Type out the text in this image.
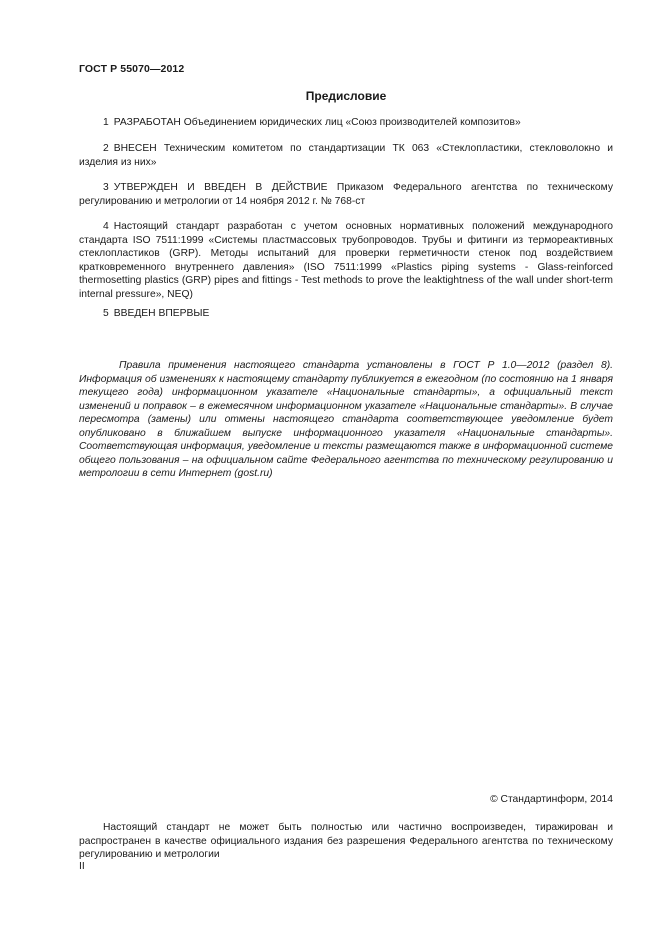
ГОСТ Р 55070—2012
Предисловие

1 РАЗРАБОТАН Объединением юридических лиц «Союз производителей композитов»

2 ВНЕСЕН Техническим комитетом по стандартизации ТК 063 «Стеклопластики, стекловолокно и изделия из них»

3 УТВЕРЖДЕН И ВВЕДЕН В ДЕЙСТВИЕ Приказом Федерального агентства по техническому регулированию и метрологии от 14 ноября 2012 г. № 768-ст

4 Настоящий стандарт разработан с учетом основных нормативных положений международного стандарта ISO 7511:1999 «Системы пластмассовых трубопроводов. Трубы и фитинги из термореактивных стеклопластиков (GRP). Методы испытаний для проверки герметичности стенок под воздействием кратковременного внутреннего давления» (ISO 7511:1999 «Plastics piping systems - Glass-reinforced thermosetting plastics (GRP) pipes and fittings - Test methods to prove the leaktightness of the wall under short-term internal pressure», NEQ)

5 ВВЕДЕН ВПЕРВЫЕ

Правила применения настоящего стандарта установлены в ГОСТ Р 1.0—2012 (раздел 8). Информация об изменениях к настоящему стандарту публикуется в ежегодном (по состоянию на 1 января текущего года) информационном указателе «Национальные стандарты», а официальный текст изменений и поправок – в ежемесячном информационном указателе «Национальные стандарты». В случае пересмотра (замены) или отмены настоящего стандарта соответствующее уведомление будет опубликовано в ближайшем выпуске информационного указателя «Национальные стандарты». Соответствующая информация, уведомление и тексты размещаются также в информационной системе общего пользования – на официальном сайте Федерального агентства по техническому регулированию и метрологии в сети Интернет (gost.ru)

© Стандартинформ, 2014

Настоящий стандарт не может быть полностью или частично воспроизведен, тиражирован и распространен в качестве официального издания без разрешения Федерального агентства по техническому регулированию и метрологии

II
